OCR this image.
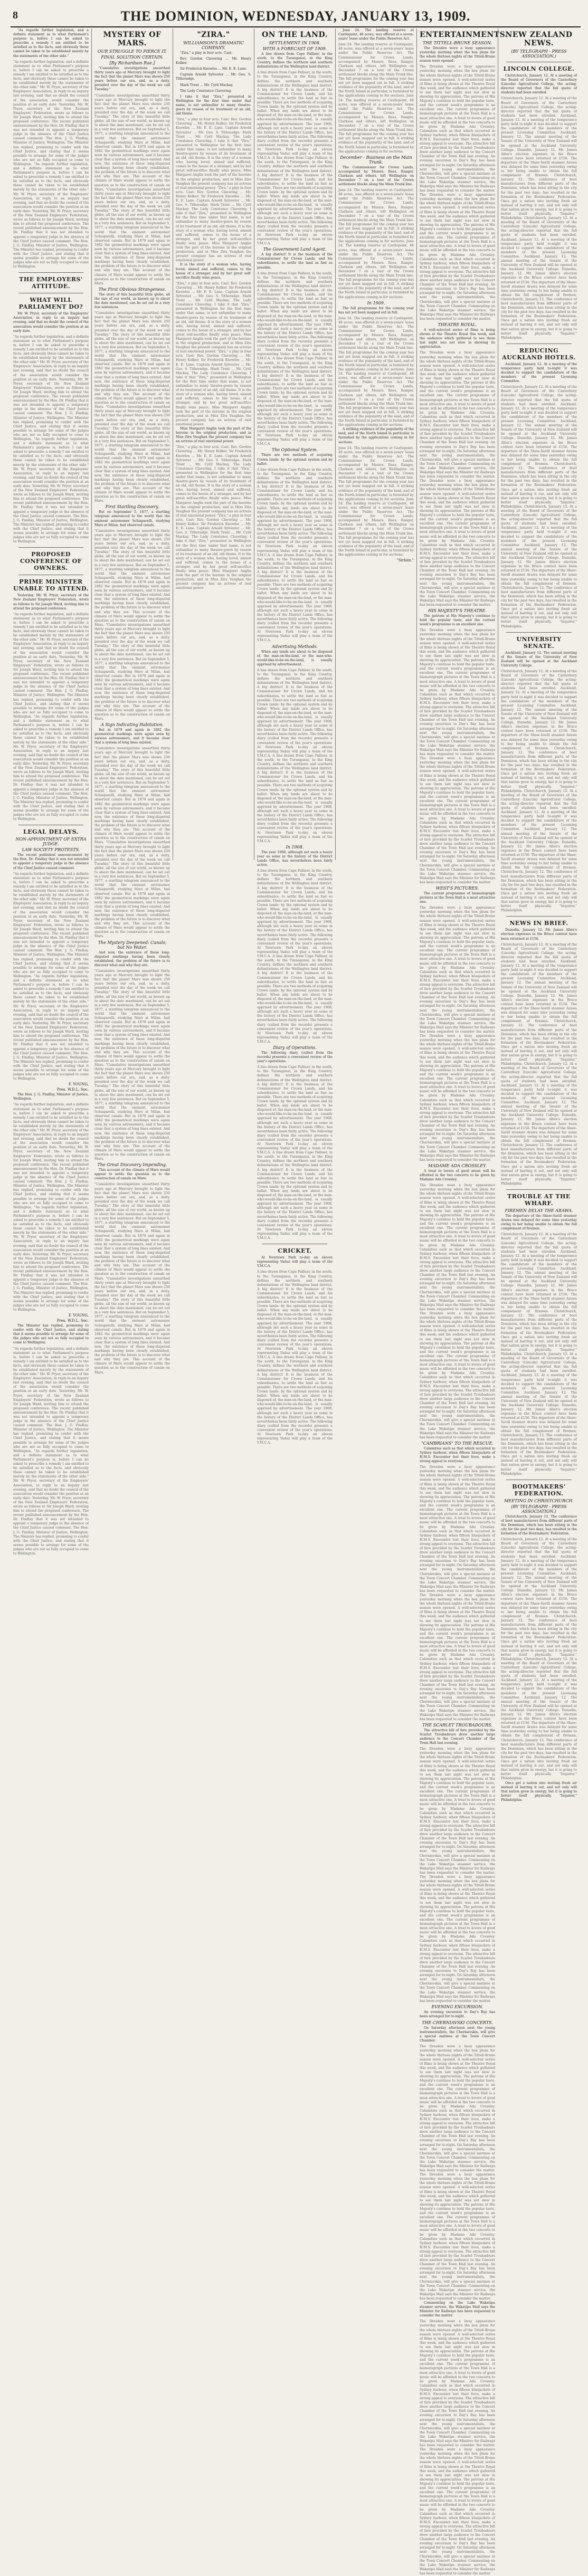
8	THE DOMINION, WEDNESDAY, JANUARY 13, 1909.

"As regards further legislation, and a definite statement as to what Parliament's purpose is, before I can be asked to prescribe a remedy I am entitled to be satisfied as to the facts, and obviously these cannot be taken to be established merely by the statements of the other side."

"As regards further legislation, and a definite statement as to what Parliament's purpose is, before I can be asked to prescribe a remedy I am entitled to be satisfied as to the facts, and obviously these cannot be taken to be established merely by the statements of the other side." Mr. W. Pryor, secretary of the Employers' Association, in reply to an inquiry last evening, said that no doubt the council of the association would consider the position at an early date. Yesterday, Mr. W. Pryor, secretary of the New Zealand Employers' Federation, wrote as follows to Sir Joseph Ward, inviting him to attend the proposed conference. The recent published announcement by the Hon. Dr. Findlay that it was not intended to appoint a temporary judge in the absence of the Chief Justice caused comment. The Hon. J. G. Findlay, Minister of Justice, Wellington. The Minister has replied, promising to confer with the Chief Justice, and stating that it seems possible to arrange for some of the judges who are not so fully occupied to come to Wellington. "As regards further legislation, and a definite statement as to what Parliament's purpose is, before I can be asked to prescribe a remedy I am entitled to be satisfied as to the facts, and obviously these cannot be taken to be established merely by the statements of the other side." Mr. W. Pryor, secretary of the Employers' Association, in reply to an inquiry last evening, said that no doubt the council of the association would consider the position at an early date. Yesterday, Mr. W. Pryor, secretary of the New Zealand Employers' Federation, wrote as follows to Sir Joseph Ward, inviting him to attend the proposed conference. The recent published announcement by the Hon. Dr. Findlay that it was not intended to appoint a temporary judge in the absence of the Chief Justice caused comment. The Hon. J. G. Findlay, Minister of Justice, Wellington. The Minister has replied, promising to confer with the Chief Justice, and stating that it seems possible to arrange for some of the judges who are not so fully occupied to come to Wellington.

THE EMPLOYERS' ATTITUDE.
WHAT WILL PARLIAMENT DO?

Mr. W. Pryor, secretary of the Employers' Association, in reply to an inquiry last evening, said that no doubt the council of the association would consider the position at an early date.

"As regards further legislation, and a definite statement as to what Parliament's purpose is, before I can be asked to prescribe a remedy I am entitled to be satisfied as to the facts, and obviously these cannot be taken to be established merely by the statements of the other side." Mr. W. Pryor, secretary of the Employers' Association, in reply to an inquiry last evening, said that no doubt the council of the association would consider the position at an early date. Yesterday, Mr. W. Pryor, secretary of the New Zealand Employers' Federation, wrote as follows to Sir Joseph Ward, inviting him to attend the proposed conference. The recent published announcement by the Hon. Dr. Findlay that it was not intended to appoint a temporary judge in the absence of the Chief Justice caused comment. The Hon. J. G. Findlay, Minister of Justice, Wellington. The Minister has replied, promising to confer with the Chief Justice, and stating that it seems possible to arrange for some of the judges who are not so fully occupied to come to Wellington. "As regards further legislation, and a definite statement as to what Parliament's purpose is, before I can be asked to prescribe a remedy I am entitled to be satisfied as to the facts, and obviously these cannot be taken to be established merely by the statements of the other side." Mr. W. Pryor, secretary of the Employers' Association, in reply to an inquiry last evening, said that no doubt the council of the association would consider the position at an early date. Yesterday, Mr. W. Pryor, secretary of the New Zealand Employers' Federation, wrote as follows to Sir Joseph Ward, inviting him to attend the proposed conference. The recent published announcement by the Hon. Dr. Findlay that it was not intended to appoint a temporary judge in the absence of the Chief Justice caused comment. The Hon. J. G. Findlay, Minister of Justice, Wellington. The Minister has replied, promising to confer with the Chief Justice, and stating that it seems possible to arrange for some of the judges who are not so fully occupied to come to Wellington.

PROPOSED CONFERENCE OF OWNERS.
PRIME MINISTER UNABLE TO ATTEND.

Yesterday, Mr. W. Pryor, secretary of the New Zealand Employers' Federation, wrote as follows to Sir Joseph Ward, inviting him to attend the proposed conference.

"As regards further legislation, and a definite statement as to what Parliament's purpose is, before I can be asked to prescribe a remedy I am entitled to be satisfied as to the facts, and obviously these cannot be taken to be established merely by the statements of the other side." Mr. W. Pryor, secretary of the Employers' Association, in reply to an inquiry last evening, said that no doubt the council of the association would consider the position at an early date. Yesterday, Mr. W. Pryor, secretary of the New Zealand Employers' Federation, wrote as follows to Sir Joseph Ward, inviting him to attend the proposed conference. The recent published announcement by the Hon. Dr. Findlay that it was not intended to appoint a temporary judge in the absence of the Chief Justice caused comment. The Hon. J. G. Findlay, Minister of Justice, Wellington. The Minister has replied, promising to confer with the Chief Justice, and stating that it seems possible to arrange for some of the judges who are not so fully occupied to come to Wellington. "As regards further legislation, and a definite statement as to what Parliament's purpose is, before I can be asked to prescribe a remedy I am entitled to be satisfied as to the facts, and obviously these cannot be taken to be established merely by the statements of the other side." Mr. W. Pryor, secretary of the Employers' Association, in reply to an inquiry last evening, said that no doubt the council of the association would consider the position at an early date. Yesterday, Mr. W. Pryor, secretary of the New Zealand Employers' Federation, wrote as follows to Sir Joseph Ward, inviting him to attend the proposed conference. The recent published announcement by the Hon. Dr. Findlay that it was not intended to appoint a temporary judge in the absence of the Chief Justice caused comment. The Hon. J. G. Findlay, Minister of Justice, Wellington. The Minister has replied, promising to confer with the Chief Justice, and stating that it seems possible to arrange for some of the judges who are not so fully occupied to come to Wellington.

LEGAL DELAYS.
NON-APPOINTMENT OF EXTRA JUDGE.
LAW SOCIETY PROTESTS.

The recent published announcement by the Hon. Dr. Findlay that it was not intended to appoint a temporary judge in the absence of the Chief Justice caused comment.

"As regards further legislation, and a definite statement as to what Parliament's purpose is, before I can be asked to prescribe a remedy I am entitled to be satisfied as to the facts, and obviously these cannot be taken to be established merely by the statements of the other side." Mr. W. Pryor, secretary of the Employers' Association, in reply to an inquiry last evening, said that no doubt the council of the association would consider the position at an early date. Yesterday, Mr. W. Pryor, secretary of the New Zealand Employers' Federation, wrote as follows to Sir Joseph Ward, inviting him to attend the proposed conference. The recent published announcement by the Hon. Dr. Findlay that it was not intended to appoint a temporary judge in the absence of the Chief Justice caused comment. The Hon. J. G. Findlay, Minister of Justice, Wellington. The Minister has replied, promising to confer with the Chief Justice, and stating that it seems possible to arrange for some of the judges who are not so fully occupied to come to Wellington. "As regards further legislation, and a definite statement as to what Parliament's purpose is, before I can be asked to prescribe a remedy I am entitled to be satisfied as to the facts, and obviously these cannot be taken to be established merely by the statements of the other side." Mr. W. Pryor, secretary of the Employers' Association, in reply to an inquiry last evening, said that no doubt the council of the association would consider the position at an early date. Yesterday, Mr. W. Pryor, secretary of the New Zealand Employers' Federation, wrote as follows to Sir Joseph Ward, inviting him to attend the proposed conference. The recent published announcement by the Hon. Dr. Findlay that it was not intended to appoint a temporary judge in the absence of the Chief Justice caused comment. The Hon. J. G. Findlay, Minister of Justice, Wellington. The Minister has replied, promising to confer with the Chief Justice, and stating that it seems possible to arrange for some of the judges who are not so fully occupied to come to Wellington.

F. YOUNG,
Pres. W.D.L. Soc.

The Hon. J. G. Findlay, Minister of Justice, Wellington.

"As regards further legislation, and a definite statement as to what Parliament's purpose is, before I can be asked to prescribe a remedy I am entitled to be satisfied as to the facts, and obviously these cannot be taken to be established merely by the statements of the other side." Mr. W. Pryor, secretary of the Employers' Association, in reply to an inquiry last evening, said that no doubt the council of the association would consider the position at an early date. Yesterday, Mr. W. Pryor, secretary of the New Zealand Employers' Federation, wrote as follows to Sir Joseph Ward, inviting him to attend the proposed conference. The recent published announcement by the Hon. Dr. Findlay that it was not intended to appoint a temporary judge in the absence of the Chief Justice caused comment. The Hon. J. G. Findlay, Minister of Justice, Wellington. The Minister has replied, promising to confer with the Chief Justice, and stating that it seems possible to arrange for some of the judges who are not so fully occupied to come to Wellington. "As regards further legislation, and a definite statement as to what Parliament's purpose is, before I can be asked to prescribe a remedy I am entitled to be satisfied as to the facts, and obviously these cannot be taken to be established merely by the statements of the other side." Mr. W. Pryor, secretary of the Employers' Association, in reply to an inquiry last evening, said that no doubt the council of the association would consider the position at an early date. Yesterday, Mr. W. Pryor, secretary of the New Zealand Employers' Federation, wrote as follows to Sir Joseph Ward, inviting him to attend the proposed conference. The recent published announcement by the Hon. Dr. Findlay that it was not intended to appoint a temporary judge in the absence of the Chief Justice caused comment. The Hon. J. G. Findlay, Minister of Justice, Wellington. The Minister has replied, promising to confer with the Chief Justice, and stating that it seems possible to arrange for some of the judges who are not so fully occupied to come to Wellington.

F. YOUNG,
Pres. W.D.L. Soc.

The Minister has replied, promising to confer with the Chief Justice, and stating that it seems possible to arrange for some of the judges who are not so fully occupied to come to Wellington.

"As regards further legislation, and a definite statement as to what Parliament's purpose is, before I can be asked to prescribe a remedy I am entitled to be satisfied as to the facts, and obviously these cannot be taken to be established merely by the statements of the other side." Mr. W. Pryor, secretary of the Employers' Association, in reply to an inquiry last evening, said that no doubt the council of the association would consider the position at an early date. Yesterday, Mr. W. Pryor, secretary of the New Zealand Employers' Federation, wrote as follows to Sir Joseph Ward, inviting him to attend the proposed conference. The recent published announcement by the Hon. Dr. Findlay that it was not intended to appoint a temporary judge in the absence of the Chief Justice caused comment. The Hon. J. G. Findlay, Minister of Justice, Wellington. The Minister has replied, promising to confer with the Chief Justice, and stating that it seems possible to arrange for some of the judges who are not so fully occupied to come to Wellington. "As regards further legislation, and a definite statement as to what Parliament's purpose is, before I can be asked to prescribe a remedy I am entitled to be satisfied as to the facts, and obviously these cannot be taken to be established merely by the statements of the other side." Mr. W. Pryor, secretary of the Employers' Association, in reply to an inquiry last evening, said that no doubt the council of the association would consider the position at an early date. Yesterday, Mr. W. Pryor, secretary of the New Zealand Employers' Federation, wrote as follows to Sir Joseph Ward, inviting him to attend the proposed conference. The recent published announcement by the Hon. Dr. Findlay that it was not intended to appoint a temporary judge in the absence of the Chief Justice caused comment. The Hon. J. G. Findlay, Minister of Justice, Wellington. The Minister has replied, promising to confer with the Chief Justice, and stating that it seems possible to arrange for some of the judges who are not so fully occupied to come to Wellington.

MYSTERY OF MARS.
OUR STRUGGLE TO PIERCE IT.
FINAL SOLUTION CERTAIN.
[By Richardson Rae.]

"Cumulative investigations unearthed thirty years ago at Mercury brought to light the fact that the planet Mars was shown 250 years before our era, and, as a deity, presided over the day of the week we call Tuesday."

"Cumulative investigations unearthed thirty years ago at Mercury brought to light the fact that the planet Mars was shown 250 years before our era, and, as a deity, presided over the day of the week we call Tuesday." The story of this beautiful little globe, all the size of our world, as known up to about the date mentioned, can be set out in a very few sentences. But on September 5, 1877, a startling telegram announced to the world that the eminent astronomer Schiaparelli, studying Mars at Milan, had observed canals. But in 1879 and again in 1882 the geometrical markings were again seen by various astronomers, and it became clear that a system of long lines existed. And now, the existence of these long-disputed markings having been clearly established, the problem of the future is to discover what and why they are. This account of the climate of Mars would appear to settle the question as to the construction of canals on Mars. "Cumulative investigations unearthed thirty years ago at Mercury brought to light the fact that the planet Mars was shown 250 years before our era, and, as a deity, presided over the day of the week we call Tuesday." The story of this beautiful little globe, all the size of our world, as known up to about the date mentioned, can be set out in a very few sentences. But on September 5, 1877, a startling telegram announced to the world that the eminent astronomer Schiaparelli, studying Mars at Milan, had observed canals. But in 1879 and again in 1882 the geometrical markings were again seen by various astronomers, and it became clear that a system of long lines existed. And now, the existence of these long-disputed markings having been clearly established, the problem of the future is to discover what and why they are. This account of the climate of Mars would appear to settle the question as to the construction of canals on Mars.

The First Obvious Strangeness.

The story of this beautiful little globe, all the size of our world, as known up to about the date mentioned, can be set out in a very few sentences.

"Cumulative investigations unearthed thirty years ago at Mercury brought to light the fact that the planet Mars was shown 250 years before our era, and, as a deity, presided over the day of the week we call Tuesday." The story of this beautiful little globe, all the size of our world, as known up to about the date mentioned, can be set out in a very few sentences. But on September 5, 1877, a startling telegram announced to the world that the eminent astronomer Schiaparelli, studying Mars at Milan, had observed canals. But in 1879 and again in 1882 the geometrical markings were again seen by various astronomers, and it became clear that a system of long lines existed. And now, the existence of these long-disputed markings having been clearly established, the problem of the future is to discover what and why they are. This account of the climate of Mars would appear to settle the question as to the construction of canals on Mars. "Cumulative investigations unearthed thirty years ago at Mercury brought to light the fact that the planet Mars was shown 250 years before our era, and, as a deity, presided over the day of the week we call Tuesday." The story of this beautiful little globe, all the size of our world, as known up to about the date mentioned, can be set out in a very few sentences. But on September 5, 1877, a startling telegram announced to the world that the eminent astronomer Schiaparelli, studying Mars at Milan, had observed canals. But in 1879 and again in 1882 the geometrical markings were again seen by various astronomers, and it became clear that a system of long lines existed. And now, the existence of these long-disputed markings having been clearly established, the problem of the future is to discover what and why they are. This account of the climate of Mars would appear to settle the question as to the construction of canals on Mars.

First Startling Discovery.

But on September 5, 1877, a startling telegram announced to the world that the eminent astronomer Schiaparelli, studying Mars at Milan, had observed canals.

"Cumulative investigations unearthed thirty years ago at Mercury brought to light the fact that the planet Mars was shown 250 years before our era, and, as a deity, presided over the day of the week we call Tuesday." The story of this beautiful little globe, all the size of our world, as known up to about the date mentioned, can be set out in a very few sentences. But on September 5, 1877, a startling telegram announced to the world that the eminent astronomer Schiaparelli, studying Mars at Milan, had observed canals. But in 1879 and again in 1882 the geometrical markings were again seen by various astronomers, and it became clear that a system of long lines existed. And now, the existence of these long-disputed markings having been clearly established, the problem of the future is to discover what and why they are. This account of the climate of Mars would appear to settle the question as to the construction of canals on Mars. "Cumulative investigations unearthed thirty years ago at Mercury brought to light the fact that the planet Mars was shown 250 years before our era, and, as a deity, presided over the day of the week we call Tuesday." The story of this beautiful little globe, all the size of our world, as known up to about the date mentioned, can be set out in a very few sentences. But on September 5, 1877, a startling telegram announced to the world that the eminent astronomer Schiaparelli, studying Mars at Milan, had observed canals. But in 1879 and again in 1882 the geometrical markings were again seen by various astronomers, and it became clear that a system of long lines existed. And now, the existence of these long-disputed markings having been clearly established, the problem of the future is to discover what and why they are. This account of the climate of Mars would appear to settle the question as to the construction of canals on Mars.

A Sign Indicating Habitation.

But in 1879 and again in 1882 the geometrical markings were again seen by various astronomers, and it became clear that a system of long lines existed.

"Cumulative investigations unearthed thirty years ago at Mercury brought to light the fact that the planet Mars was shown 250 years before our era, and, as a deity, presided over the day of the week we call Tuesday." The story of this beautiful little globe, all the size of our world, as known up to about the date mentioned, can be set out in a very few sentences. But on September 5, 1877, a startling telegram announced to the world that the eminent astronomer Schiaparelli, studying Mars at Milan, had observed canals. But in 1879 and again in 1882 the geometrical markings were again seen by various astronomers, and it became clear that a system of long lines existed. And now, the existence of these long-disputed markings having been clearly established, the problem of the future is to discover what and why they are. This account of the climate of Mars would appear to settle the question as to the construction of canals on Mars. "Cumulative investigations unearthed thirty years ago at Mercury brought to light the fact that the planet Mars was shown 250 years before our era, and, as a deity, presided over the day of the week we call Tuesday." The story of this beautiful little globe, all the size of our world, as known up to about the date mentioned, can be set out in a very few sentences. But on September 5, 1877, a startling telegram announced to the world that the eminent astronomer Schiaparelli, studying Mars at Milan, had observed canals. But in 1879 and again in 1882 the geometrical markings were again seen by various astronomers, and it became clear that a system of long lines existed. And now, the existence of these long-disputed markings having been clearly established, the problem of the future is to discover what and why they are. This account of the climate of Mars would appear to settle the question as to the construction of canals on Mars.

The Mystery Deepened: Canals; but No Water.

And now, the existence of these long-disputed markings having been clearly established, the problem of the future is to discover what and why they are.

"Cumulative investigations unearthed thirty years ago at Mercury brought to light the fact that the planet Mars was shown 250 years before our era, and, as a deity, presided over the day of the week we call Tuesday." The story of this beautiful little globe, all the size of our world, as known up to about the date mentioned, can be set out in a very few sentences. But on September 5, 1877, a startling telegram announced to the world that the eminent astronomer Schiaparelli, studying Mars at Milan, had observed canals. But in 1879 and again in 1882 the geometrical markings were again seen by various astronomers, and it became clear that a system of long lines existed. And now, the existence of these long-disputed markings having been clearly established, the problem of the future is to discover what and why they are. This account of the climate of Mars would appear to settle the question as to the construction of canals on Mars. "Cumulative investigations unearthed thirty years ago at Mercury brought to light the fact that the planet Mars was shown 250 years before our era, and, as a deity, presided over the day of the week we call Tuesday." The story of this beautiful little globe, all the size of our world, as known up to about the date mentioned, can be set out in a very few sentences. But on September 5, 1877, a startling telegram announced to the world that the eminent astronomer Schiaparelli, studying Mars at Milan, had observed canals. But in 1879 and again in 1882 the geometrical markings were again seen by various astronomers, and it became clear that a system of long lines existed. And now, the existence of these long-disputed markings having been clearly established, the problem of the future is to discover what and why they are. This account of the climate of Mars would appear to settle the question as to the construction of canals on Mars.

The Great Discovery Impending.

This account of the climate of Mars would appear to settle the question as to the construction of canals on Mars.

"Cumulative investigations unearthed thirty years ago at Mercury brought to light the fact that the planet Mars was shown 250 years before our era, and, as a deity, presided over the day of the week we call Tuesday." The story of this beautiful little globe, all the size of our world, as known up to about the date mentioned, can be set out in a very few sentences. But on September 5, 1877, a startling telegram announced to the world that the eminent astronomer Schiaparelli, studying Mars at Milan, had observed canals. But in 1879 and again in 1882 the geometrical markings were again seen by various astronomers, and it became clear that a system of long lines existed. And now, the existence of these long-disputed markings having been clearly established, the problem of the future is to discover what and why they are. This account of the climate of Mars would appear to settle the question as to the construction of canals on Mars. "Cumulative investigations unearthed thirty years ago at Mercury brought to light the fact that the planet Mars was shown 250 years before our era, and, as a deity, presided over the day of the week we call Tuesday." The story of this beautiful little globe, all the size of our world, as known up to about the date mentioned, can be set out in a very few sentences. But on September 5, 1877, a startling telegram announced to the world that the eminent astronomer Schiaparelli, studying Mars at Milan, had observed canals. But in 1879 and again in 1882 the geometrical markings were again seen by various astronomers, and it became clear that a system of long lines existed. And now, the existence of these long-disputed markings having been clearly established, the problem of the future is to discover what and why they are. This account of the climate of Mars would appear to settle the question as to the construction of canals on Mars.

"ZIRA."
WILLIAMSON'S DRAMATIC COMPANY.

"Zira," a play in four acts. Cast:

Rev. Gordon Clavering ... Mr. Henry Kolker.

Sir Frederick Knowles ... Mr. E. E. Lane.

Captain Arnold Sylvester ... Mr. Geo. S. Titheradge.

Mark Trent ... Mr. Cyril Mackay.

The Lady Constance Clavering.

I take it that "Zira," presented in Wellington for the first time under that name, is not unfamiliar to many theatre-goers by reason of its treatment of an old, old theme.

"Zira," a play in four acts. Cast: Rev. Gordon Clavering ... Mr. Henry Kolker. Sir Frederick Knowles ... Mr. E. E. Lane. Captain Arnold Sylvester ... Mr. Geo. S. Titheradge. Mark Trent ... Mr. Cyril Mackay. The Lady Constance Clavering. I take it that "Zira," presented in Wellington for the first time under that name, is not unfamiliar to many theatre-goers by reason of its treatment of an old, old theme. It is the story of a woman who, having loved, sinned and suffered, comes to the house of a stranger, and by her great self-sacrifice finally wins peace. Miss Margaret Anglin took the part of the heroine in the original production, and in Miss Zira Vaughan the present company has an actress of real emotional power. "Zira," a play in four acts. Cast: Rev. Gordon Clavering ... Mr. Henry Kolker. Sir Frederick Knowles ... Mr. E. E. Lane. Captain Arnold Sylvester ... Mr. Geo. S. Titheradge. Mark Trent ... Mr. Cyril Mackay. The Lady Constance Clavering. I take it that "Zira," presented in Wellington for the first time under that name, is not unfamiliar to many theatre-goers by reason of its treatment of an old, old theme. It is the story of a woman who, having loved, sinned and suffered, comes to the house of a stranger, and by her great self-sacrifice finally wins peace. Miss Margaret Anglin took the part of the heroine in the original production, and in Miss Zira Vaughan the present company has an actress of real emotional power.

It is the story of a woman who, having loved, sinned and suffered, comes to the house of a stranger, and by her great self-sacrifice finally wins peace.

"Zira," a play in four acts. Cast: Rev. Gordon Clavering ... Mr. Henry Kolker. Sir Frederick Knowles ... Mr. E. E. Lane. Captain Arnold Sylvester ... Mr. Geo. S. Titheradge. Mark Trent ... Mr. Cyril Mackay. The Lady Constance Clavering. I take it that "Zira," presented in Wellington for the first time under that name, is not unfamiliar to many theatre-goers by reason of its treatment of an old, old theme. It is the story of a woman who, having loved, sinned and suffered, comes to the house of a stranger, and by her great self-sacrifice finally wins peace. Miss Margaret Anglin took the part of the heroine in the original production, and in Miss Zira Vaughan the present company has an actress of real emotional power. "Zira," a play in four acts. Cast: Rev. Gordon Clavering ... Mr. Henry Kolker. Sir Frederick Knowles ... Mr. E. E. Lane. Captain Arnold Sylvester ... Mr. Geo. S. Titheradge. Mark Trent ... Mr. Cyril Mackay. The Lady Constance Clavering. I take it that "Zira," presented in Wellington for the first time under that name, is not unfamiliar to many theatre-goers by reason of its treatment of an old, old theme. It is the story of a woman who, having loved, sinned and suffered, comes to the house of a stranger, and by her great self-sacrifice finally wins peace. Miss Margaret Anglin took the part of the heroine in the original production, and in Miss Zira Vaughan the present company has an actress of real emotional power.

Miss Margaret Anglin took the part of the heroine in the original production, and in Miss Zira Vaughan the present company has an actress of real emotional power.

"Zira," a play in four acts. Cast: Rev. Gordon Clavering ... Mr. Henry Kolker. Sir Frederick Knowles ... Mr. E. E. Lane. Captain Arnold Sylvester ... Mr. Geo. S. Titheradge. Mark Trent ... Mr. Cyril Mackay. The Lady Constance Clavering. I take it that "Zira," presented in Wellington for the first time under that name, is not unfamiliar to many theatre-goers by reason of its treatment of an old, old theme. It is the story of a woman who, having loved, sinned and suffered, comes to the house of a stranger, and by her great self-sacrifice finally wins peace. Miss Margaret Anglin took the part of the heroine in the original production, and in Miss Zira Vaughan the present company has an actress of real emotional power. "Zira," a play in four acts. Cast: Rev. Gordon Clavering ... Mr. Henry Kolker. Sir Frederick Knowles ... Mr. E. E. Lane. Captain Arnold Sylvester ... Mr. Geo. S. Titheradge. Mark Trent ... Mr. Cyril Mackay. The Lady Constance Clavering. I take it that "Zira," presented in Wellington for the first time under that name, is not unfamiliar to many theatre-goers by reason of its treatment of an old, old theme. It is the story of a woman who, having loved, sinned and suffered, comes to the house of a stranger, and by her great self-sacrifice finally wins peace. Miss Margaret Anglin took the part of the heroine in the original production, and in Miss Zira Vaughan the present company has an actress of real emotional power.

ON THE LAND.
SETTLEMENT IN 1908.
WITH A FORECAST OF 1909.

A line drawn from Cape Palliser, in the south, to the Turanganui, in the King Country, defines the northern and southern delimitations of the Wellington land district.

A line drawn from Cape Palliser, in the south, to the Turanganui, in the King Country, defines the northern and southern delimitations of the Wellington land district. A big district! It is the business of the Commissioner for Crown Lands, and his subordinates, to settle the land as fast as possible. There are two methods of acquiring Crown lands: by the optional system and by ballot. When any lands are about to be disposed of, the man-on-the-land, or the man-who-would-like-to-be-on-the-land, is usually apprised by advertisement. The year 1908, although not such a heavy year as some in the history of the District Lands Office, has nevertheless been fairly active. The following diary (culled from the records) presents a convenient review of the year's operations. At Newtown Park to-day an eleven representing Vaduz will play a team of the Y.M.C.A. A line drawn from Cape Palliser, in the south, to the Turanganui, in the King Country, defines the northern and southern delimitations of the Wellington land district. A big district! It is the business of the Commissioner for Crown Lands, and his subordinates, to settle the land as fast as possible. There are two methods of acquiring Crown lands: by the optional system and by ballot. When any lands are about to be disposed of, the man-on-the-land, or the man-who-would-like-to-be-on-the-land, is usually apprised by advertisement. The year 1908, although not such a heavy year as some in the history of the District Lands Office, has nevertheless been fairly active. The following diary (culled from the records) presents a convenient review of the year's operations. At Newtown Park to-day an eleven representing Vaduz will play a team of the Y.M.C.A.

The Government Land Agent.

A big district! It is the business of the Commissioner for Crown Lands, and his subordinates, to settle the land as fast as possible.

A line drawn from Cape Palliser, in the south, to the Turanganui, in the King Country, defines the northern and southern delimitations of the Wellington land district. A big district! It is the business of the Commissioner for Crown Lands, and his subordinates, to settle the land as fast as possible. There are two methods of acquiring Crown lands: by the optional system and by ballot. When any lands are about to be disposed of, the man-on-the-land, or the man-who-would-like-to-be-on-the-land, is usually apprised by advertisement. The year 1908, although not such a heavy year as some in the history of the District Lands Office, has nevertheless been fairly active. The following diary (culled from the records) presents a convenient review of the year's operations. At Newtown Park to-day an eleven representing Vaduz will play a team of the Y.M.C.A. A line drawn from Cape Palliser, in the south, to the Turanganui, in the King Country, defines the northern and southern delimitations of the Wellington land district. A big district! It is the business of the Commissioner for Crown Lands, and his subordinates, to settle the land as fast as possible. There are two methods of acquiring Crown lands: by the optional system and by ballot. When any lands are about to be disposed of, the man-on-the-land, or the man-who-would-like-to-be-on-the-land, is usually apprised by advertisement. The year 1908, although not such a heavy year as some in the history of the District Lands Office, has nevertheless been fairly active. The following diary (culled from the records) presents a convenient review of the year's operations. At Newtown Park to-day an eleven representing Vaduz will play a team of the Y.M.C.A.

The Optional System.

There are two methods of acquiring Crown lands: by the optional system and by ballot.

A line drawn from Cape Palliser, in the south, to the Turanganui, in the King Country, defines the northern and southern delimitations of the Wellington land district. A big district! It is the business of the Commissioner for Crown Lands, and his subordinates, to settle the land as fast as possible. There are two methods of acquiring Crown lands: by the optional system and by ballot. When any lands are about to be disposed of, the man-on-the-land, or the man-who-would-like-to-be-on-the-land, is usually apprised by advertisement. The year 1908, although not such a heavy year as some in the history of the District Lands Office, has nevertheless been fairly active. The following diary (culled from the records) presents a convenient review of the year's operations. At Newtown Park to-day an eleven representing Vaduz will play a team of the Y.M.C.A. A line drawn from Cape Palliser, in the south, to the Turanganui, in the King Country, defines the northern and southern delimitations of the Wellington land district. A big district! It is the business of the Commissioner for Crown Lands, and his subordinates, to settle the land as fast as possible. There are two methods of acquiring Crown lands: by the optional system and by ballot. When any lands are about to be disposed of, the man-on-the-land, or the man-who-would-like-to-be-on-the-land, is usually apprised by advertisement. The year 1908, although not such a heavy year as some in the history of the District Lands Office, has nevertheless been fairly active. The following diary (culled from the records) presents a convenient review of the year's operations. At Newtown Park to-day an eleven representing Vaduz will play a team of the Y.M.C.A.

Advertising Methods.

When any lands are about to be disposed of, the man-on-the-land, or the man-who-would-like-to-be-on-the-land, is usually apprised by advertisement.

A line drawn from Cape Palliser, in the south, to the Turanganui, in the King Country, defines the northern and southern delimitations of the Wellington land district. A big district! It is the business of the Commissioner for Crown Lands, and his subordinates, to settle the land as fast as possible. There are two methods of acquiring Crown lands: by the optional system and by ballot. When any lands are about to be disposed of, the man-on-the-land, or the man-who-would-like-to-be-on-the-land, is usually apprised by advertisement. The year 1908, although not such a heavy year as some in the history of the District Lands Office, has nevertheless been fairly active. The following diary (culled from the records) presents a convenient review of the year's operations. At Newtown Park to-day an eleven representing Vaduz will play a team of the Y.M.C.A. A line drawn from Cape Palliser, in the south, to the Turanganui, in the King Country, defines the northern and southern delimitations of the Wellington land district. A big district! It is the business of the Commissioner for Crown Lands, and his subordinates, to settle the land as fast as possible. There are two methods of acquiring Crown lands: by the optional system and by ballot. When any lands are about to be disposed of, the man-on-the-land, or the man-who-would-like-to-be-on-the-land, is usually apprised by advertisement. The year 1908, although not such a heavy year as some in the history of the District Lands Office, has nevertheless been fairly active. The following diary (culled from the records) presents a convenient review of the year's operations. At Newtown Park to-day an eleven representing Vaduz will play a team of the Y.M.C.A.

In 1908.

The year 1908, although not such a heavy year as some in the history of the District Lands Office, has nevertheless been fairly active.

A line drawn from Cape Palliser, in the south, to the Turanganui, in the King Country, defines the northern and southern delimitations of the Wellington land district. A big district! It is the business of the Commissioner for Crown Lands, and his subordinates, to settle the land as fast as possible. There are two methods of acquiring Crown lands: by the optional system and by ballot. When any lands are about to be disposed of, the man-on-the-land, or the man-who-would-like-to-be-on-the-land, is usually apprised by advertisement. The year 1908, although not such a heavy year as some in the history of the District Lands Office, has nevertheless been fairly active. The following diary (culled from the records) presents a convenient review of the year's operations. At Newtown Park to-day an eleven representing Vaduz will play a team of the Y.M.C.A. A line drawn from Cape Palliser, in the south, to the Turanganui, in the King Country, defines the northern and southern delimitations of the Wellington land district. A big district! It is the business of the Commissioner for Crown Lands, and his subordinates, to settle the land as fast as possible. There are two methods of acquiring Crown lands: by the optional system and by ballot. When any lands are about to be disposed of, the man-on-the-land, or the man-who-would-like-to-be-on-the-land, is usually apprised by advertisement. The year 1908, although not such a heavy year as some in the history of the District Lands Office, has nevertheless been fairly active. The following diary (culled from the records) presents a convenient review of the year's operations. At Newtown Park to-day an eleven representing Vaduz will play a team of the Y.M.C.A.

Diary of Operations.

The following diary (culled from the records) presents a convenient review of the year's operations.

A line drawn from Cape Palliser, in the south, to the Turanganui, in the King Country, defines the northern and southern delimitations of the Wellington land district. A big district! It is the business of the Commissioner for Crown Lands, and his subordinates, to settle the land as fast as possible. There are two methods of acquiring Crown lands: by the optional system and by ballot. When any lands are about to be disposed of, the man-on-the-land, or the man-who-would-like-to-be-on-the-land, is usually apprised by advertisement. The year 1908, although not such a heavy year as some in the history of the District Lands Office, has nevertheless been fairly active. The following diary (culled from the records) presents a convenient review of the year's operations. At Newtown Park to-day an eleven representing Vaduz will play a team of the Y.M.C.A. A line drawn from Cape Palliser, in the south, to the Turanganui, in the King Country, defines the northern and southern delimitations of the Wellington land district. A big district! It is the business of the Commissioner for Crown Lands, and his subordinates, to settle the land as fast as possible. There are two methods of acquiring Crown lands: by the optional system and by ballot. When any lands are about to be disposed of, the man-on-the-land, or the man-who-would-like-to-be-on-the-land, is usually apprised by advertisement. The year 1908, although not such a heavy year as some in the history of the District Lands Office, has nevertheless been fairly active. The following diary (culled from the records) presents a convenient review of the year's operations. At Newtown Park to-day an eleven representing Vaduz will play a team of the Y.M.C.A.

CRICKET.

At Newtown Park to-day an eleven representing Vaduz will play a team of the Y.M.C.A.

A line drawn from Cape Palliser, in the south, to the Turanganui, in the King Country, defines the northern and southern delimitations of the Wellington land district. A big district! It is the business of the Commissioner for Crown Lands, and his subordinates, to settle the land as fast as possible. There are two methods of acquiring Crown lands: by the optional system and by ballot. When any lands are about to be disposed of, the man-on-the-land, or the man-who-would-like-to-be-on-the-land, is usually apprised by advertisement. The year 1908, although not such a heavy year as some in the history of the District Lands Office, has nevertheless been fairly active. The following diary (culled from the records) presents a convenient review of the year's operations. At Newtown Park to-day an eleven representing Vaduz will play a team of the Y.M.C.A. A line drawn from Cape Palliser, in the south, to the Turanganui, in the King Country, defines the northern and southern delimitations of the Wellington land district. A big district! It is the business of the Commissioner for Crown Lands, and his subordinates, to settle the land as fast as possible. There are two methods of acquiring Crown lands: by the optional system and by ballot. When any lands are about to be disposed of, the man-on-the-land, or the man-who-would-like-to-be-on-the-land, is usually apprised by advertisement. The year 1908, although not such a heavy year as some in the history of the District Lands Office, has nevertheless been fairly active. The following diary (culled from the records) presents a convenient review of the year's operations. At Newtown Park to-day an eleven representing Vaduz will play a team of the Y.M.C.A.

June 24. The landing reserve at Castlepoint, 48 acres, was offered at a seven-years' lease under the Public Reserves Act.

June 24. The landing reserve at Castlepoint, 48 acres, was offered at a seven-years' lease under the Public Reserves Act. The Commissioner for Crown Lands, accompanied by Messrs. Rees, Ranger, Clarkson and others, left Wellington on December 7 on a tour of the Crown settlement blocks along the Main Trunk line. The full programme for the coming year has not yet been mapped out in full. A striking evidence of the popularity of the land, and of the North Island in particular, is furnished by the applications coming in for sections. June 24. The landing reserve at Castlepoint, 48 acres, was offered at a seven-years' lease under the Public Reserves Act. The Commissioner for Crown Lands, accompanied by Messrs. Rees, Ranger, Clarkson and others, left Wellington on December 7 on a tour of the Crown settlement blocks along the Main Trunk line. The full programme for the coming year has not yet been mapped out in full. A striking evidence of the popularity of the land, and of the North Island in particular, is furnished by the applications coming in for sections.

December - Business on the Main Trunk.

The Commissioner for Crown Lands, accompanied by Messrs. Rees, Ranger, Clarkson and others, left Wellington on December 7 on a tour of the Crown settlement blocks along the Main Trunk line.

June 24. The landing reserve at Castlepoint, 48 acres, was offered at a seven-years' lease under the Public Reserves Act. The Commissioner for Crown Lands, accompanied by Messrs. Rees, Ranger, Clarkson and others, left Wellington on December 7 on a tour of the Crown settlement blocks along the Main Trunk line. The full programme for the coming year has not yet been mapped out in full. A striking evidence of the popularity of the land, and of the North Island in particular, is furnished by the applications coming in for sections. June 24. The landing reserve at Castlepoint, 48 acres, was offered at a seven-years' lease under the Public Reserves Act. The Commissioner for Crown Lands, accompanied by Messrs. Rees, Ranger, Clarkson and others, left Wellington on December 7 on a tour of the Crown settlement blocks along the Main Trunk line. The full programme for the coming year has not yet been mapped out in full. A striking evidence of the popularity of the land, and of the North Island in particular, is furnished by the applications coming in for sections.

In 1909.

The full programme for the coming year has not yet been mapped out in full.

June 24. The landing reserve at Castlepoint, 48 acres, was offered at a seven-years' lease under the Public Reserves Act. The Commissioner for Crown Lands, accompanied by Messrs. Rees, Ranger, Clarkson and others, left Wellington on December 7 on a tour of the Crown settlement blocks along the Main Trunk line. The full programme for the coming year has not yet been mapped out in full. A striking evidence of the popularity of the land, and of the North Island in particular, is furnished by the applications coming in for sections. June 24. The landing reserve at Castlepoint, 48 acres, was offered at a seven-years' lease under the Public Reserves Act. The Commissioner for Crown Lands, accompanied by Messrs. Rees, Ranger, Clarkson and others, left Wellington on December 7 on a tour of the Crown settlement blocks along the Main Trunk line. The full programme for the coming year has not yet been mapped out in full. A striking evidence of the popularity of the land, and of the North Island in particular, is furnished by the applications coming in for sections.

A striking evidence of the popularity of the land, and of the North Island in particular, is furnished by the applications coming in for sections.

June 24. The landing reserve at Castlepoint, 48 acres, was offered at a seven-years' lease under the Public Reserves Act. The Commissioner for Crown Lands, accompanied by Messrs. Rees, Ranger, Clarkson and others, left Wellington on December 7 on a tour of the Crown settlement blocks along the Main Trunk line. The full programme for the coming year has not yet been mapped out in full. A striking evidence of the popularity of the land, and of the North Island in particular, is furnished by the applications coming in for sections. June 24. The landing reserve at Castlepoint, 48 acres, was offered at a seven-years' lease under the Public Reserves Act. The Commissioner for Crown Lands, accompanied by Messrs. Rees, Ranger, Clarkson and others, left Wellington on December 7 on a tour of the Crown settlement blocks along the Main Trunk line. The full programme for the coming year has not yet been mapped out in full. A striking evidence of the popularity of the land, and of the North Island in particular, is furnished by the applications coming in for sections.

"Sirloin."
ENTERTAINMENTS.
THE TITTELL-BRUNE SEASON.

The Dresden wore a busy appearance yesterday morning when the box plans for the whole thirteen nights of the Tittell-Brune season were opened.

The Dresden wore a busy appearance yesterday morning when the box plans for the whole thirteen nights of the Tittell-Brune season were opened. A well-selected series of films is being shown at the Theatre Royal this week, and the audience which gathered to see them last night was not slow in showing its appreciation. The patrons at His Majesty's continue to hold the popular taste, and the current week's programme is an excellent one. The current programme of biomatograph pictures at the Town Hall is a most attractive one. A treat to lovers of good music will be afforded in the two concerts to be given by Madame Ada Crossley. Calamities such as that which occurred in Sydney harbour, when fifteen bluejackets of H.M.S. Encounter lost their lives, make a strong appeal to everyone. The attractive bill of fare provided by the Scarlet Troubadours drew another large audience to the Concert Chamber of the Town Hall last evening. An evening excursion to Day's Bay has been arranged for to-night. On Saturday afternoon next the young instrumentalists, the Cherniavskis, will give a special matinee at the Town Concert Chamber. Commenting on the Lake Wakatipu steamer service, the Wakatipu Mail says the Minister for Railways has been requested to consider the matter. The Dresden wore a busy appearance yesterday morning when the box plans for the whole thirteen nights of the Tittell-Brune season were opened. A well-selected series of films is being shown at the Theatre Royal this week, and the audience which gathered to see them last night was not slow in showing its appreciation. The patrons at His Majesty's continue to hold the popular taste, and the current week's programme is an excellent one. The current programme of biomatograph pictures at the Town Hall is a most attractive one. A treat to lovers of good music will be afforded in the two concerts to be given by Madame Ada Crossley. Calamities such as that which occurred in Sydney harbour, when fifteen bluejackets of H.M.S. Encounter lost their lives, make a strong appeal to everyone. The attractive bill of fare provided by the Scarlet Troubadours drew another large audience to the Concert Chamber of the Town Hall last evening. An evening excursion to Day's Bay has been arranged for to-night. On Saturday afternoon next the young instrumentalists, the Cherniavskis, will give a special matinee at the Town Concert Chamber. Commenting on the Lake Wakatipu steamer service, the Wakatipu Mail says the Minister for Railways has been requested to consider the matter.

THEATRE ROYAL.

A well-selected series of films is being shown at the Theatre Royal this week, and the audience which gathered to see them last night was not slow in showing its appreciation.

The Dresden wore a busy appearance yesterday morning when the box plans for the whole thirteen nights of the Tittell-Brune season were opened. A well-selected series of films is being shown at the Theatre Royal this week, and the audience which gathered to see them last night was not slow in showing its appreciation. The patrons at His Majesty's continue to hold the popular taste, and the current week's programme is an excellent one. The current programme of biomatograph pictures at the Town Hall is a most attractive one. A treat to lovers of good music will be afforded in the two concerts to be given by Madame Ada Crossley. Calamities such as that which occurred in Sydney harbour, when fifteen bluejackets of H.M.S. Encounter lost their lives, make a strong appeal to everyone. The attractive bill of fare provided by the Scarlet Troubadours drew another large audience to the Concert Chamber of the Town Hall last evening. An evening excursion to Day's Bay has been arranged for to-night. On Saturday afternoon next the young instrumentalists, the Cherniavskis, will give a special matinee at the Town Concert Chamber. Commenting on the Lake Wakatipu steamer service, the Wakatipu Mail says the Minister for Railways has been requested to consider the matter. The Dresden wore a busy appearance yesterday morning when the box plans for the whole thirteen nights of the Tittell-Brune season were opened. A well-selected series of films is being shown at the Theatre Royal this week, and the audience which gathered to see them last night was not slow in showing its appreciation. The patrons at His Majesty's continue to hold the popular taste, and the current week's programme is an excellent one. The current programme of biomatograph pictures at the Town Hall is a most attractive one. A treat to lovers of good music will be afforded in the two concerts to be given by Madame Ada Crossley. Calamities such as that which occurred in Sydney harbour, when fifteen bluejackets of H.M.S. Encounter lost their lives, make a strong appeal to everyone. The attractive bill of fare provided by the Scarlet Troubadours drew another large audience to the Concert Chamber of the Town Hall last evening. An evening excursion to Day's Bay has been arranged for to-night. On Saturday afternoon next the young instrumentalists, the Cherniavskis, will give a special matinee at the Town Concert Chamber. Commenting on the Lake Wakatipu steamer service, the Wakatipu Mail says the Minister for Railways has been requested to consider the matter.

HIS MAJESTY'S THEATRE.

The patrons at His Majesty's continue to hold the popular taste, and the current week's programme is an excellent one.

The Dresden wore a busy appearance yesterday morning when the box plans for the whole thirteen nights of the Tittell-Brune season were opened. A well-selected series of films is being shown at the Theatre Royal this week, and the audience which gathered to see them last night was not slow in showing its appreciation. The patrons at His Majesty's continue to hold the popular taste, and the current week's programme is an excellent one. The current programme of biomatograph pictures at the Town Hall is a most attractive one. A treat to lovers of good music will be afforded in the two concerts to be given by Madame Ada Crossley. Calamities such as that which occurred in Sydney harbour, when fifteen bluejackets of H.M.S. Encounter lost their lives, make a strong appeal to everyone. The attractive bill of fare provided by the Scarlet Troubadours drew another large audience to the Concert Chamber of the Town Hall last evening. An evening excursion to Day's Bay has been arranged for to-night. On Saturday afternoon next the young instrumentalists, the Cherniavskis, will give a special matinee at the Town Concert Chamber. Commenting on the Lake Wakatipu steamer service, the Wakatipu Mail says the Minister for Railways has been requested to consider the matter. The Dresden wore a busy appearance yesterday morning when the box plans for the whole thirteen nights of the Tittell-Brune season were opened. A well-selected series of films is being shown at the Theatre Royal this week, and the audience which gathered to see them last night was not slow in showing its appreciation. The patrons at His Majesty's continue to hold the popular taste, and the current week's programme is an excellent one. The current programme of biomatograph pictures at the Town Hall is a most attractive one. A treat to lovers of good music will be afforded in the two concerts to be given by Madame Ada Crossley. Calamities such as that which occurred in Sydney harbour, when fifteen bluejackets of H.M.S. Encounter lost their lives, make a strong appeal to everyone. The attractive bill of fare provided by the Scarlet Troubadours drew another large audience to the Concert Chamber of the Town Hall last evening. An evening excursion to Day's Bay has been arranged for to-night. On Saturday afternoon next the young instrumentalists, the Cherniavskis, will give a special matinee at the Town Concert Chamber. Commenting on the Lake Wakatipu steamer service, the Wakatipu Mail says the Minister for Railways has been requested to consider the matter.

WEST'S PICTURES.

The current programme of biomatograph pictures at the Town Hall is a most attractive one.

The Dresden wore a busy appearance yesterday morning when the box plans for the whole thirteen nights of the Tittell-Brune season were opened. A well-selected series of films is being shown at the Theatre Royal this week, and the audience which gathered to see them last night was not slow in showing its appreciation. The patrons at His Majesty's continue to hold the popular taste, and the current week's programme is an excellent one. The current programme of biomatograph pictures at the Town Hall is a most attractive one. A treat to lovers of good music will be afforded in the two concerts to be given by Madame Ada Crossley. Calamities such as that which occurred in Sydney harbour, when fifteen bluejackets of H.M.S. Encounter lost their lives, make a strong appeal to everyone. The attractive bill of fare provided by the Scarlet Troubadours drew another large audience to the Concert Chamber of the Town Hall last evening. An evening excursion to Day's Bay has been arranged for to-night. On Saturday afternoon next the young instrumentalists, the Cherniavskis, will give a special matinee at the Town Concert Chamber. Commenting on the Lake Wakatipu steamer service, the Wakatipu Mail says the Minister for Railways has been requested to consider the matter. The Dresden wore a busy appearance yesterday morning when the box plans for the whole thirteen nights of the Tittell-Brune season were opened. A well-selected series of films is being shown at the Theatre Royal this week, and the audience which gathered to see them last night was not slow in showing its appreciation. The patrons at His Majesty's continue to hold the popular taste, and the current week's programme is an excellent one. The current programme of biomatograph pictures at the Town Hall is a most attractive one. A treat to lovers of good music will be afforded in the two concerts to be given by Madame Ada Crossley. Calamities such as that which occurred in Sydney harbour, when fifteen bluejackets of H.M.S. Encounter lost their lives, make a strong appeal to everyone. The attractive bill of fare provided by the Scarlet Troubadours drew another large audience to the Concert Chamber of the Town Hall last evening. An evening excursion to Day's Bay has been arranged for to-night. On Saturday afternoon next the young instrumentalists, the Cherniavskis, will give a special matinee at the Town Concert Chamber. Commenting on the Lake Wakatipu steamer service, the Wakatipu Mail says the Minister for Railways has been requested to consider the matter.

MADAME ADA CROSSLEY.

A treat to lovers of good music will be afforded in the two concerts to be given by Madame Ada Crossley.

The Dresden wore a busy appearance yesterday morning when the box plans for the whole thirteen nights of the Tittell-Brune season were opened. A well-selected series of films is being shown at the Theatre Royal this week, and the audience which gathered to see them last night was not slow in showing its appreciation. The patrons at His Majesty's continue to hold the popular taste, and the current week's programme is an excellent one. The current programme of biomatograph pictures at the Town Hall is a most attractive one. A treat to lovers of good music will be afforded in the two concerts to be given by Madame Ada Crossley. Calamities such as that which occurred in Sydney harbour, when fifteen bluejackets of H.M.S. Encounter lost their lives, make a strong appeal to everyone. The attractive bill of fare provided by the Scarlet Troubadours drew another large audience to the Concert Chamber of the Town Hall last evening. An evening excursion to Day's Bay has been arranged for to-night. On Saturday afternoon next the young instrumentalists, the Cherniavskis, will give a special matinee at the Town Concert Chamber. Commenting on the Lake Wakatipu steamer service, the Wakatipu Mail says the Minister for Railways has been requested to consider the matter. The Dresden wore a busy appearance yesterday morning when the box plans for the whole thirteen nights of the Tittell-Brune season were opened. A well-selected series of films is being shown at the Theatre Royal this week, and the audience which gathered to see them last night was not slow in showing its appreciation. The patrons at His Majesty's continue to hold the popular taste, and the current week's programme is an excellent one. The current programme of biomatograph pictures at the Town Hall is a most attractive one. A treat to lovers of good music will be afforded in the two concerts to be given by Madame Ada Crossley. Calamities such as that which occurred in Sydney harbour, when fifteen bluejackets of H.M.S. Encounter lost their lives, make a strong appeal to everyone. The attractive bill of fare provided by the Scarlet Troubadours drew another large audience to the Concert Chamber of the Town Hall last evening. An evening excursion to Day's Bay has been arranged for to-night. On Saturday afternoon next the young instrumentalists, the Cherniavskis, will give a special matinee at the Town Concert Chamber. Commenting on the Lake Wakatipu steamer service, the Wakatipu Mail says the Minister for Railways has been requested to consider the matter.

"CAMBRIANS" TO THE RESCUE.

Calamities such as that which occurred in Sydney harbour, when fifteen bluejackets of H.M.S. Encounter lost their lives, make a strong appeal to everyone.

The Dresden wore a busy appearance yesterday morning when the box plans for the whole thirteen nights of the Tittell-Brune season were opened. A well-selected series of films is being shown at the Theatre Royal this week, and the audience which gathered to see them last night was not slow in showing its appreciation. The patrons at His Majesty's continue to hold the popular taste, and the current week's programme is an excellent one. The current programme of biomatograph pictures at the Town Hall is a most attractive one. A treat to lovers of good music will be afforded in the two concerts to be given by Madame Ada Crossley. Calamities such as that which occurred in Sydney harbour, when fifteen bluejackets of H.M.S. Encounter lost their lives, make a strong appeal to everyone. The attractive bill of fare provided by the Scarlet Troubadours drew another large audience to the Concert Chamber of the Town Hall last evening. An evening excursion to Day's Bay has been arranged for to-night. On Saturday afternoon next the young instrumentalists, the Cherniavskis, will give a special matinee at the Town Concert Chamber. Commenting on the Lake Wakatipu steamer service, the Wakatipu Mail says the Minister for Railways has been requested to consider the matter. The Dresden wore a busy appearance yesterday morning when the box plans for the whole thirteen nights of the Tittell-Brune season were opened. A well-selected series of films is being shown at the Theatre Royal this week, and the audience which gathered to see them last night was not slow in showing its appreciation. The patrons at His Majesty's continue to hold the popular taste, and the current week's programme is an excellent one. The current programme of biomatograph pictures at the Town Hall is a most attractive one. A treat to lovers of good music will be afforded in the two concerts to be given by Madame Ada Crossley. Calamities such as that which occurred in Sydney harbour, when fifteen bluejackets of H.M.S. Encounter lost their lives, make a strong appeal to everyone. The attractive bill of fare provided by the Scarlet Troubadours drew another large audience to the Concert Chamber of the Town Hall last evening. An evening excursion to Day's Bay has been arranged for to-night. On Saturday afternoon next the young instrumentalists, the Cherniavskis, will give a special matinee at the Town Concert Chamber. Commenting on the Lake Wakatipu steamer service, the Wakatipu Mail says the Minister for Railways has been requested to consider the matter.

THE SCARLET TROUBADOURS.

The attractive bill of fare provided by the Scarlet Troubadours drew another large audience to the Concert Chamber of the Town Hall last evening.

The Dresden wore a busy appearance yesterday morning when the box plans for the whole thirteen nights of the Tittell-Brune season were opened. A well-selected series of films is being shown at the Theatre Royal this week, and the audience which gathered to see them last night was not slow in showing its appreciation. The patrons at His Majesty's continue to hold the popular taste, and the current week's programme is an excellent one. The current programme of biomatograph pictures at the Town Hall is a most attractive one. A treat to lovers of good music will be afforded in the two concerts to be given by Madame Ada Crossley. Calamities such as that which occurred in Sydney harbour, when fifteen bluejackets of H.M.S. Encounter lost their lives, make a strong appeal to everyone. The attractive bill of fare provided by the Scarlet Troubadours drew another large audience to the Concert Chamber of the Town Hall last evening. An evening excursion to Day's Bay has been arranged for to-night. On Saturday afternoon next the young instrumentalists, the Cherniavskis, will give a special matinee at the Town Concert Chamber. Commenting on the Lake Wakatipu steamer service, the Wakatipu Mail says the Minister for Railways has been requested to consider the matter. The Dresden wore a busy appearance yesterday morning when the box plans for the whole thirteen nights of the Tittell-Brune season were opened. A well-selected series of films is being shown at the Theatre Royal this week, and the audience which gathered to see them last night was not slow in showing its appreciation. The patrons at His Majesty's continue to hold the popular taste, and the current week's programme is an excellent one. The current programme of biomatograph pictures at the Town Hall is a most attractive one. A treat to lovers of good music will be afforded in the two concerts to be given by Madame Ada Crossley. Calamities such as that which occurred in Sydney harbour, when fifteen bluejackets of H.M.S. Encounter lost their lives, make a strong appeal to everyone. The attractive bill of fare provided by the Scarlet Troubadours drew another large audience to the Concert Chamber of the Town Hall last evening. An evening excursion to Day's Bay has been arranged for to-night. On Saturday afternoon next the young instrumentalists, the Cherniavskis, will give a special matinee at the Town Concert Chamber. Commenting on the Lake Wakatipu steamer service, the Wakatipu Mail says the Minister for Railways has been requested to consider the matter.

EVENING EXCURSION.

An evening excursion to Day's Bay has been arranged for to-night.

THE CHERNIAVSKI CONCERTS.

On Saturday afternoon next the young instrumentalists, the Cherniavskis, will give a special matinee at the Town Concert Chamber.

The Dresden wore a busy appearance yesterday morning when the box plans for the whole thirteen nights of the Tittell-Brune season were opened. A well-selected series of films is being shown at the Theatre Royal this week, and the audience which gathered to see them last night was not slow in showing its appreciation. The patrons at His Majesty's continue to hold the popular taste, and the current week's programme is an excellent one. The current programme of biomatograph pictures at the Town Hall is a most attractive one. A treat to lovers of good music will be afforded in the two concerts to be given by Madame Ada Crossley. Calamities such as that which occurred in Sydney harbour, when fifteen bluejackets of H.M.S. Encounter lost their lives, make a strong appeal to everyone. The attractive bill of fare provided by the Scarlet Troubadours drew another large audience to the Concert Chamber of the Town Hall last evening. An evening excursion to Day's Bay has been arranged for to-night. On Saturday afternoon next the young instrumentalists, the Cherniavskis, will give a special matinee at the Town Concert Chamber. Commenting on the Lake Wakatipu steamer service, the Wakatipu Mail says the Minister for Railways has been requested to consider the matter. The Dresden wore a busy appearance yesterday morning when the box plans for the whole thirteen nights of the Tittell-Brune season were opened. A well-selected series of films is being shown at the Theatre Royal this week, and the audience which gathered to see them last night was not slow in showing its appreciation. The patrons at His Majesty's continue to hold the popular taste, and the current week's programme is an excellent one. The current programme of biomatograph pictures at the Town Hall is a most attractive one. A treat to lovers of good music will be afforded in the two concerts to be given by Madame Ada Crossley. Calamities such as that which occurred in Sydney harbour, when fifteen bluejackets of H.M.S. Encounter lost their lives, make a strong appeal to everyone. The attractive bill of fare provided by the Scarlet Troubadours drew another large audience to the Concert Chamber of the Town Hall last evening. An evening excursion to Day's Bay has been arranged for to-night. On Saturday afternoon next the young instrumentalists, the Cherniavskis, will give a special matinee at the Town Concert Chamber. Commenting on the Lake Wakatipu steamer service, the Wakatipu Mail says the Minister for Railways has been requested to consider the matter.

Commenting on the Lake Wakatipu steamer service, the Wakatipu Mail says the Minister for Railways has been requested to consider the matter.

The Dresden wore a busy appearance yesterday morning when the box plans for the whole thirteen nights of the Tittell-Brune season were opened. A well-selected series of films is being shown at the Theatre Royal this week, and the audience which gathered to see them last night was not slow in showing its appreciation. The patrons at His Majesty's continue to hold the popular taste, and the current week's programme is an excellent one. The current programme of biomatograph pictures at the Town Hall is a most attractive one. A treat to lovers of good music will be afforded in the two concerts to be given by Madame Ada Crossley. Calamities such as that which occurred in Sydney harbour, when fifteen bluejackets of H.M.S. Encounter lost their lives, make a strong appeal to everyone. The attractive bill of fare provided by the Scarlet Troubadours drew another large audience to the Concert Chamber of the Town Hall last evening. An evening excursion to Day's Bay has been arranged for to-night. On Saturday afternoon next the young instrumentalists, the Cherniavskis, will give a special matinee at the Town Concert Chamber. Commenting on the Lake Wakatipu steamer service, the Wakatipu Mail says the Minister for Railways has been requested to consider the matter. The Dresden wore a busy appearance yesterday morning when the box plans for the whole thirteen nights of the Tittell-Brune season were opened. A well-selected series of films is being shown at the Theatre Royal this week, and the audience which gathered to see them last night was not slow in showing its appreciation. The patrons at His Majesty's continue to hold the popular taste, and the current week's programme is an excellent one. The current programme of biomatograph pictures at the Town Hall is a most attractive one. A treat to lovers of good music will be afforded in the two concerts to be given by Madame Ada Crossley. Calamities such as that which occurred in Sydney harbour, when fifteen bluejackets of H.M.S. Encounter lost their lives, make a strong appeal to everyone. The attractive bill of fare provided by the Scarlet Troubadours drew another large audience to the Concert Chamber of the Town Hall last evening. An evening excursion to Day's Bay has been arranged for to-night. On Saturday afternoon next the young instrumentalists, the Cherniavskis, will give a special matinee at the Town Concert Chamber. Commenting on the Lake Wakatipu steamer service, the Wakatipu Mail says the Minister for Railways has been requested to consider the matter.

NEW ZEALAND NEWS.
(BY TELEGRAPH - PRESS ASSOCIATION.)
LINCOLN COLLEGE.

Christchurch, January 12. At a meeting of the Board of Governors of the Canterbury (Lincoln) Agricultural College, the acting-director reported that the full quota of students had been enrolled.

Christchurch, January 12. At a meeting of the Board of Governors of the Canterbury (Lincoln) Agricultural College, the acting-director reported that the full quota of students had been enrolled. Auckland, January 12. At a meeting of the temperance party held to-night it was decided to support the candidature of the members of the present Licensing Committee. Auckland, January 12. The annual meeting of the Senate of the University of New Zealand will be opened at the Auckland University College. Dunedin, January 12. Mr. James Allen's election expenses in the Bruce contest have been returned at £156. The departure of the Shaw-Savill steamer Arawa was delayed for some time yesterday owing to her being unable to obtain the full complement of firemen. Christchurch, January 12. The conference of boot manufacturers from different parts of the Dominion, which has been sitting in the city for the past two days, has resulted in the formation of the Bootmakers' Federation. Once get a nation into inviting fresh air instead of barring it out, and not only will that nation grow in energy, but it is going to better itself physically. "Inquirer," Philadelphia. Christchurch, January 12. At a meeting of the Board of Governors of the Canterbury (Lincoln) Agricultural College, the acting-director reported that the full quota of students had been enrolled. Auckland, January 12. At a meeting of the temperance party held to-night it was decided to support the candidature of the members of the present Licensing Committee. Auckland, January 12. The annual meeting of the Senate of the University of New Zealand will be opened at the Auckland University College. Dunedin, January 12. Mr. James Allen's election expenses in the Bruce contest have been returned at £156. The departure of the Shaw-Savill steamer Arawa was delayed for some time yesterday owing to her being unable to obtain the full complement of firemen. Christchurch, January 12. The conference of boot manufacturers from different parts of the Dominion, which has been sitting in the city for the past two days, has resulted in the formation of the Bootmakers' Federation. Once get a nation into inviting fresh air instead of barring it out, and not only will that nation grow in energy, but it is going to better itself physically. "Inquirer," Philadelphia.

REDUCING AUCKLAND HOTELS.

Auckland, January 12. At a meeting of the temperance party held to-night it was decided to support the candidature of the members of the present Licensing Committee.

Christchurch, January 12. At a meeting of the Board of Governors of the Canterbury (Lincoln) Agricultural College, the acting-director reported that the full quota of students had been enrolled. Auckland, January 12. At a meeting of the temperance party held to-night it was decided to support the candidature of the members of the present Licensing Committee. Auckland, January 12. The annual meeting of the Senate of the University of New Zealand will be opened at the Auckland University College. Dunedin, January 12. Mr. James Allen's election expenses in the Bruce contest have been returned at £156. The departure of the Shaw-Savill steamer Arawa was delayed for some time yesterday owing to her being unable to obtain the full complement of firemen. Christchurch, January 12. The conference of boot manufacturers from different parts of the Dominion, which has been sitting in the city for the past two days, has resulted in the formation of the Bootmakers' Federation. Once get a nation into inviting fresh air instead of barring it out, and not only will that nation grow in energy, but it is going to better itself physically. "Inquirer," Philadelphia. Christchurch, January 12. At a meeting of the Board of Governors of the Canterbury (Lincoln) Agricultural College, the acting-director reported that the full quota of students had been enrolled. Auckland, January 12. At a meeting of the temperance party held to-night it was decided to support the candidature of the members of the present Licensing Committee. Auckland, January 12. The annual meeting of the Senate of the University of New Zealand will be opened at the Auckland University College. Dunedin, January 12. Mr. James Allen's election expenses in the Bruce contest have been returned at £156. The departure of the Shaw-Savill steamer Arawa was delayed for some time yesterday owing to her being unable to obtain the full complement of firemen. Christchurch, January 12. The conference of boot manufacturers from different parts of the Dominion, which has been sitting in the city for the past two days, has resulted in the formation of the Bootmakers' Federation. Once get a nation into inviting fresh air instead of barring it out, and not only will that nation grow in energy, but it is going to better itself physically. "Inquirer," Philadelphia.

UNIVERSITY SENATE.

Auckland, January 12. The annual meeting of the Senate of the University of New Zealand will be opened at the Auckland University College.

Christchurch, January 12. At a meeting of the Board of Governors of the Canterbury (Lincoln) Agricultural College, the acting-director reported that the full quota of students had been enrolled. Auckland, January 12. At a meeting of the temperance party held to-night it was decided to support the candidature of the members of the present Licensing Committee. Auckland, January 12. The annual meeting of the Senate of the University of New Zealand will be opened at the Auckland University College. Dunedin, January 12. Mr. James Allen's election expenses in the Bruce contest have been returned at £156. The departure of the Shaw-Savill steamer Arawa was delayed for some time yesterday owing to her being unable to obtain the full complement of firemen. Christchurch, January 12. The conference of boot manufacturers from different parts of the Dominion, which has been sitting in the city for the past two days, has resulted in the formation of the Bootmakers' Federation. Once get a nation into inviting fresh air instead of barring it out, and not only will that nation grow in energy, but it is going to better itself physically. "Inquirer," Philadelphia. Christchurch, January 12. At a meeting of the Board of Governors of the Canterbury (Lincoln) Agricultural College, the acting-director reported that the full quota of students had been enrolled. Auckland, January 12. At a meeting of the temperance party held to-night it was decided to support the candidature of the members of the present Licensing Committee. Auckland, January 12. The annual meeting of the Senate of the University of New Zealand will be opened at the Auckland University College. Dunedin, January 12. Mr. James Allen's election expenses in the Bruce contest have been returned at £156. The departure of the Shaw-Savill steamer Arawa was delayed for some time yesterday owing to her being unable to obtain the full complement of firemen. Christchurch, January 12. The conference of boot manufacturers from different parts of the Dominion, which has been sitting in the city for the past two days, has resulted in the formation of the Bootmakers' Federation. Once get a nation into inviting fresh air instead of barring it out, and not only will that nation grow in energy, but it is going to better itself physically. "Inquirer," Philadelphia.

NEWS IN BRIEF.

Dunedin, January 12. Mr. James Allen's election expenses in the Bruce contest have been returned at £156.

Christchurch, January 12. At a meeting of the Board of Governors of the Canterbury (Lincoln) Agricultural College, the acting-director reported that the full quota of students had been enrolled. Auckland, January 12. At a meeting of the temperance party held to-night it was decided to support the candidature of the members of the present Licensing Committee. Auckland, January 12. The annual meeting of the Senate of the University of New Zealand will be opened at the Auckland University College. Dunedin, January 12. Mr. James Allen's election expenses in the Bruce contest have been returned at £156. The departure of the Shaw-Savill steamer Arawa was delayed for some time yesterday owing to her being unable to obtain the full complement of firemen. Christchurch, January 12. The conference of boot manufacturers from different parts of the Dominion, which has been sitting in the city for the past two days, has resulted in the formation of the Bootmakers' Federation. Once get a nation into inviting fresh air instead of barring it out, and not only will that nation grow in energy, but it is going to better itself physically. "Inquirer," Philadelphia. Christchurch, January 12. At a meeting of the Board of Governors of the Canterbury (Lincoln) Agricultural College, the acting-director reported that the full quota of students had been enrolled. Auckland, January 12. At a meeting of the temperance party held to-night it was decided to support the candidature of the members of the present Licensing Committee. Auckland, January 12. The annual meeting of the Senate of the University of New Zealand will be opened at the Auckland University College. Dunedin, January 12. Mr. James Allen's election expenses in the Bruce contest have been returned at £156. The departure of the Shaw-Savill steamer Arawa was delayed for some time yesterday owing to her being unable to obtain the full complement of firemen. Christchurch, January 12. The conference of boot manufacturers from different parts of the Dominion, which has been sitting in the city for the past two days, has resulted in the formation of the Bootmakers' Federation. Once get a nation into inviting fresh air instead of barring it out, and not only will that nation grow in energy, but it is going to better itself physically. "Inquirer," Philadelphia.

TROUBLE AT THE WHARF.
FIREMEN DELAY THE ARAWA.

The departure of the Shaw-Savill steamer Arawa was delayed for some time yesterday owing to her being unable to obtain the full complement of firemen.

Christchurch, January 12. At a meeting of the Board of Governors of the Canterbury (Lincoln) Agricultural College, the acting-director reported that the full quota of students had been enrolled. Auckland, January 12. At a meeting of the temperance party held to-night it was decided to support the candidature of the members of the present Licensing Committee. Auckland, January 12. The annual meeting of the Senate of the University of New Zealand will be opened at the Auckland University College. Dunedin, January 12. Mr. James Allen's election expenses in the Bruce contest have been returned at £156. The departure of the Shaw-Savill steamer Arawa was delayed for some time yesterday owing to her being unable to obtain the full complement of firemen. Christchurch, January 12. The conference of boot manufacturers from different parts of the Dominion, which has been sitting in the city for the past two days, has resulted in the formation of the Bootmakers' Federation. Once get a nation into inviting fresh air instead of barring it out, and not only will that nation grow in energy, but it is going to better itself physically. "Inquirer," Philadelphia. Christchurch, January 12. At a meeting of the Board of Governors of the Canterbury (Lincoln) Agricultural College, the acting-director reported that the full quota of students had been enrolled. Auckland, January 12. At a meeting of the temperance party held to-night it was decided to support the candidature of the members of the present Licensing Committee. Auckland, January 12. The annual meeting of the Senate of the University of New Zealand will be opened at the Auckland University College. Dunedin, January 12. Mr. James Allen's election expenses in the Bruce contest have been returned at £156. The departure of the Shaw-Savill steamer Arawa was delayed for some time yesterday owing to her being unable to obtain the full complement of firemen. Christchurch, January 12. The conference of boot manufacturers from different parts of the Dominion, which has been sitting in the city for the past two days, has resulted in the formation of the Bootmakers' Federation. Once get a nation into inviting fresh air instead of barring it out, and not only will that nation grow in energy, but it is going to better itself physically. "Inquirer," Philadelphia.

BOOTMAKERS' FEDERATION.
MEETING IN CHRISTCHURCH.
(BY TELEGRAPH - PRESS ASSOCIATION.)

Christchurch, January 12. The conference of boot manufacturers from different parts of the Dominion, which has been sitting in the city for the past two days, has resulted in the formation of the Bootmakers' Federation.

Christchurch, January 12. At a meeting of the Board of Governors of the Canterbury (Lincoln) Agricultural College, the acting-director reported that the full quota of students had been enrolled. Auckland, January 12. At a meeting of the temperance party held to-night it was decided to support the candidature of the members of the present Licensing Committee. Auckland, January 12. The annual meeting of the Senate of the University of New Zealand will be opened at the Auckland University College. Dunedin, January 12. Mr. James Allen's election expenses in the Bruce contest have been returned at £156. The departure of the Shaw-Savill steamer Arawa was delayed for some time yesterday owing to her being unable to obtain the full complement of firemen. Christchurch, January 12. The conference of boot manufacturers from different parts of the Dominion, which has been sitting in the city for the past two days, has resulted in the formation of the Bootmakers' Federation. Once get a nation into inviting fresh air instead of barring it out, and not only will that nation grow in energy, but it is going to better itself physically. "Inquirer," Philadelphia. Christchurch, January 12. At a meeting of the Board of Governors of the Canterbury (Lincoln) Agricultural College, the acting-director reported that the full quota of students had been enrolled. Auckland, January 12. At a meeting of the temperance party held to-night it was decided to support the candidature of the members of the present Licensing Committee. Auckland, January 12. The annual meeting of the Senate of the University of New Zealand will be opened at the Auckland University College. Dunedin, January 12. Mr. James Allen's election expenses in the Bruce contest have been returned at £156. The departure of the Shaw-Savill steamer Arawa was delayed for some time yesterday owing to her being unable to obtain the full complement of firemen. Christchurch, January 12. The conference of boot manufacturers from different parts of the Dominion, which has been sitting in the city for the past two days, has resulted in the formation of the Bootmakers' Federation. Once get a nation into inviting fresh air instead of barring it out, and not only will that nation grow in energy, but it is going to better itself physically. "Inquirer," Philadelphia.

Once get a nation into inviting fresh air instead of barring it out, and not only will that nation grow in energy, but it is going to better itself physically. "Inquirer," Philadelphia.
